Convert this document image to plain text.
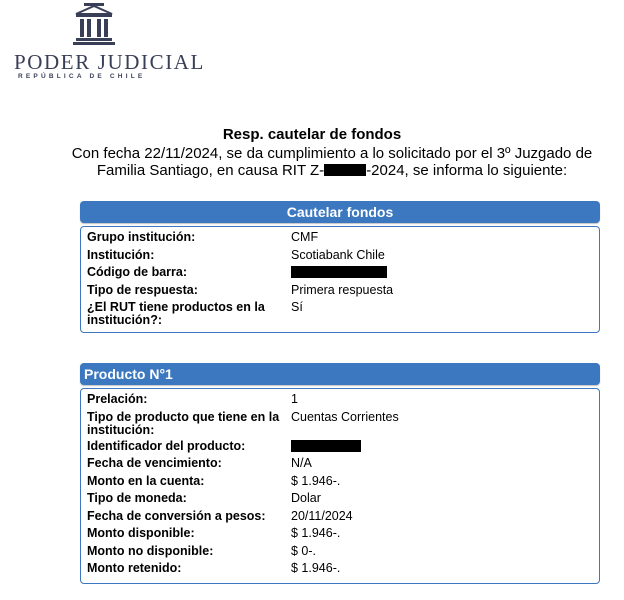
PODER JUDICIAL
REPÚBLICA DE CHILE
Resp. cautelar de fondos
Con fecha 22/11/2024, se da cumplimiento a lo solicitado por el 3º Juzgado de Familia Santiago, en causa RIT Z-	-2024, se informa lo siguiente:
Cautelar fondos
Grupo institución:	CMF
Institución:	Scotiabank Chile
Código de barra:
Tipo de respuesta:	Primera respuesta
¿El RUT tiene productos en la institución?:
Sí
Producto N°1
Prelación:	1
Tipo de producto que tiene en la institución:
Cuentas Corrientes
Identificador del producto:
Fecha de vencimiento:	N/A
Monto en la cuenta:	$ 1.946-.
Tipo de moneda:	Dolar
Fecha de conversión a pesos:	20/11/2024
Monto disponible:	$ 1.946-.
Monto no disponible:	$ 0-.
Monto retenido:	$ 1.946-.
